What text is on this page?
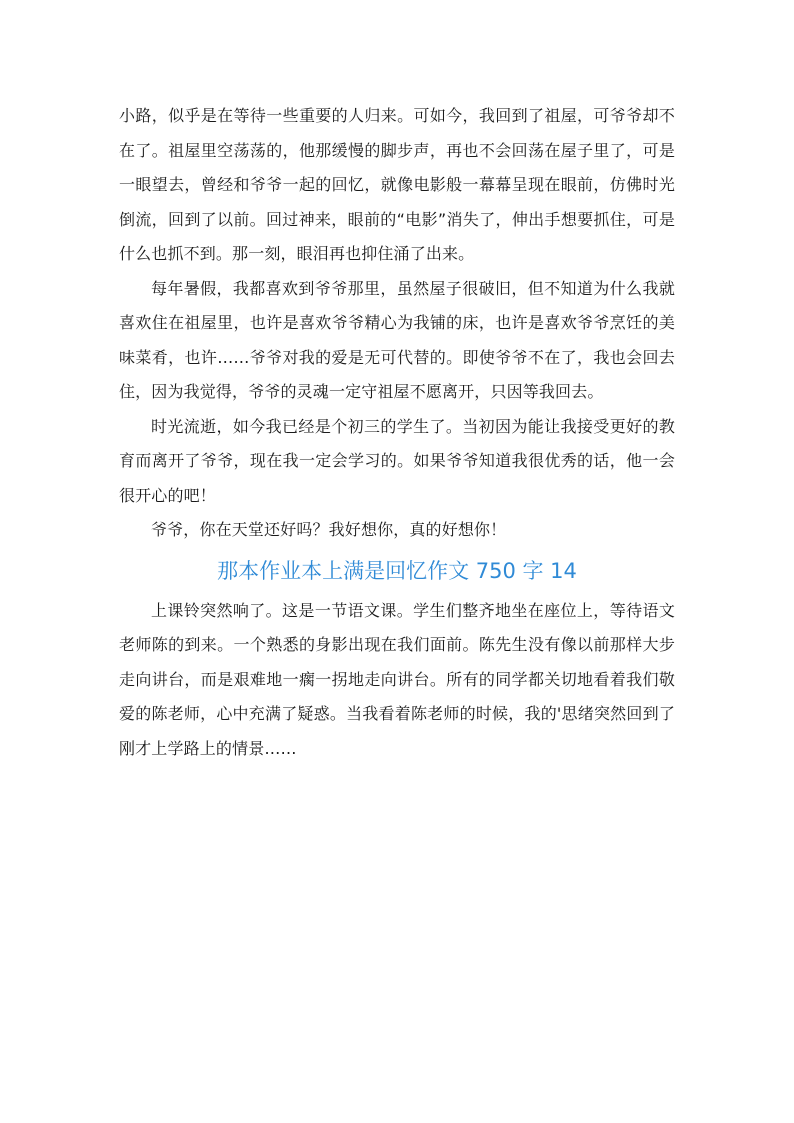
小路，似乎是在等待一些重要的人归来。可如今，我回到了祖屋，可爷爷却不在了。祖屋里空荡荡的，他那缓慢的脚步声，再也不会回荡在屋子里了，可是一眼望去，曾经和爷爷一起的回忆，就像电影般一幕幕呈现在眼前，仿佛时光倒流，回到了以前。回过神来，眼前的“电影”消失了，伸出手想要抓住，可是什么也抓不到。那一刻，眼泪再也抑住涌了出来。

每年暑假，我都喜欢到爷爷那里，虽然屋子很破旧，但不知道为什么我就喜欢住在祖屋里，也许是喜欢爷爷精心为我铺的床，也许是喜欢爷爷烹饪的美味菜肴，也许……爷爷对我的爱是无可代替的。即使爷爷不在了，我也会回去住，因为我觉得，爷爷的灵魂一定守祖屋不愿离开，只因等我回去。

时光流逝，如今我已经是个初三的学生了。当初因为能让我接受更好的教育而离开了爷爷，现在我一定会学习的。如果爷爷知道我很优秀的话，他一会很开心的吧！

爷爷，你在天堂还好吗？我好想你，真的好想你！

那本作业本上满是回忆作文 750 字 14

上课铃突然响了。这是一节语文课。学生们整齐地坐在座位上，等待语文老师陈的到来。一个熟悉的身影出现在我们面前。陈先生没有像以前那样大步走向讲台，而是艰难地一瘸一拐地走向讲台。所有的同学都关切地看着我们敬爱的陈老师，心中充满了疑惑。当我看着陈老师的时候，我的'思绪突然回到了刚才上学路上的情景……
